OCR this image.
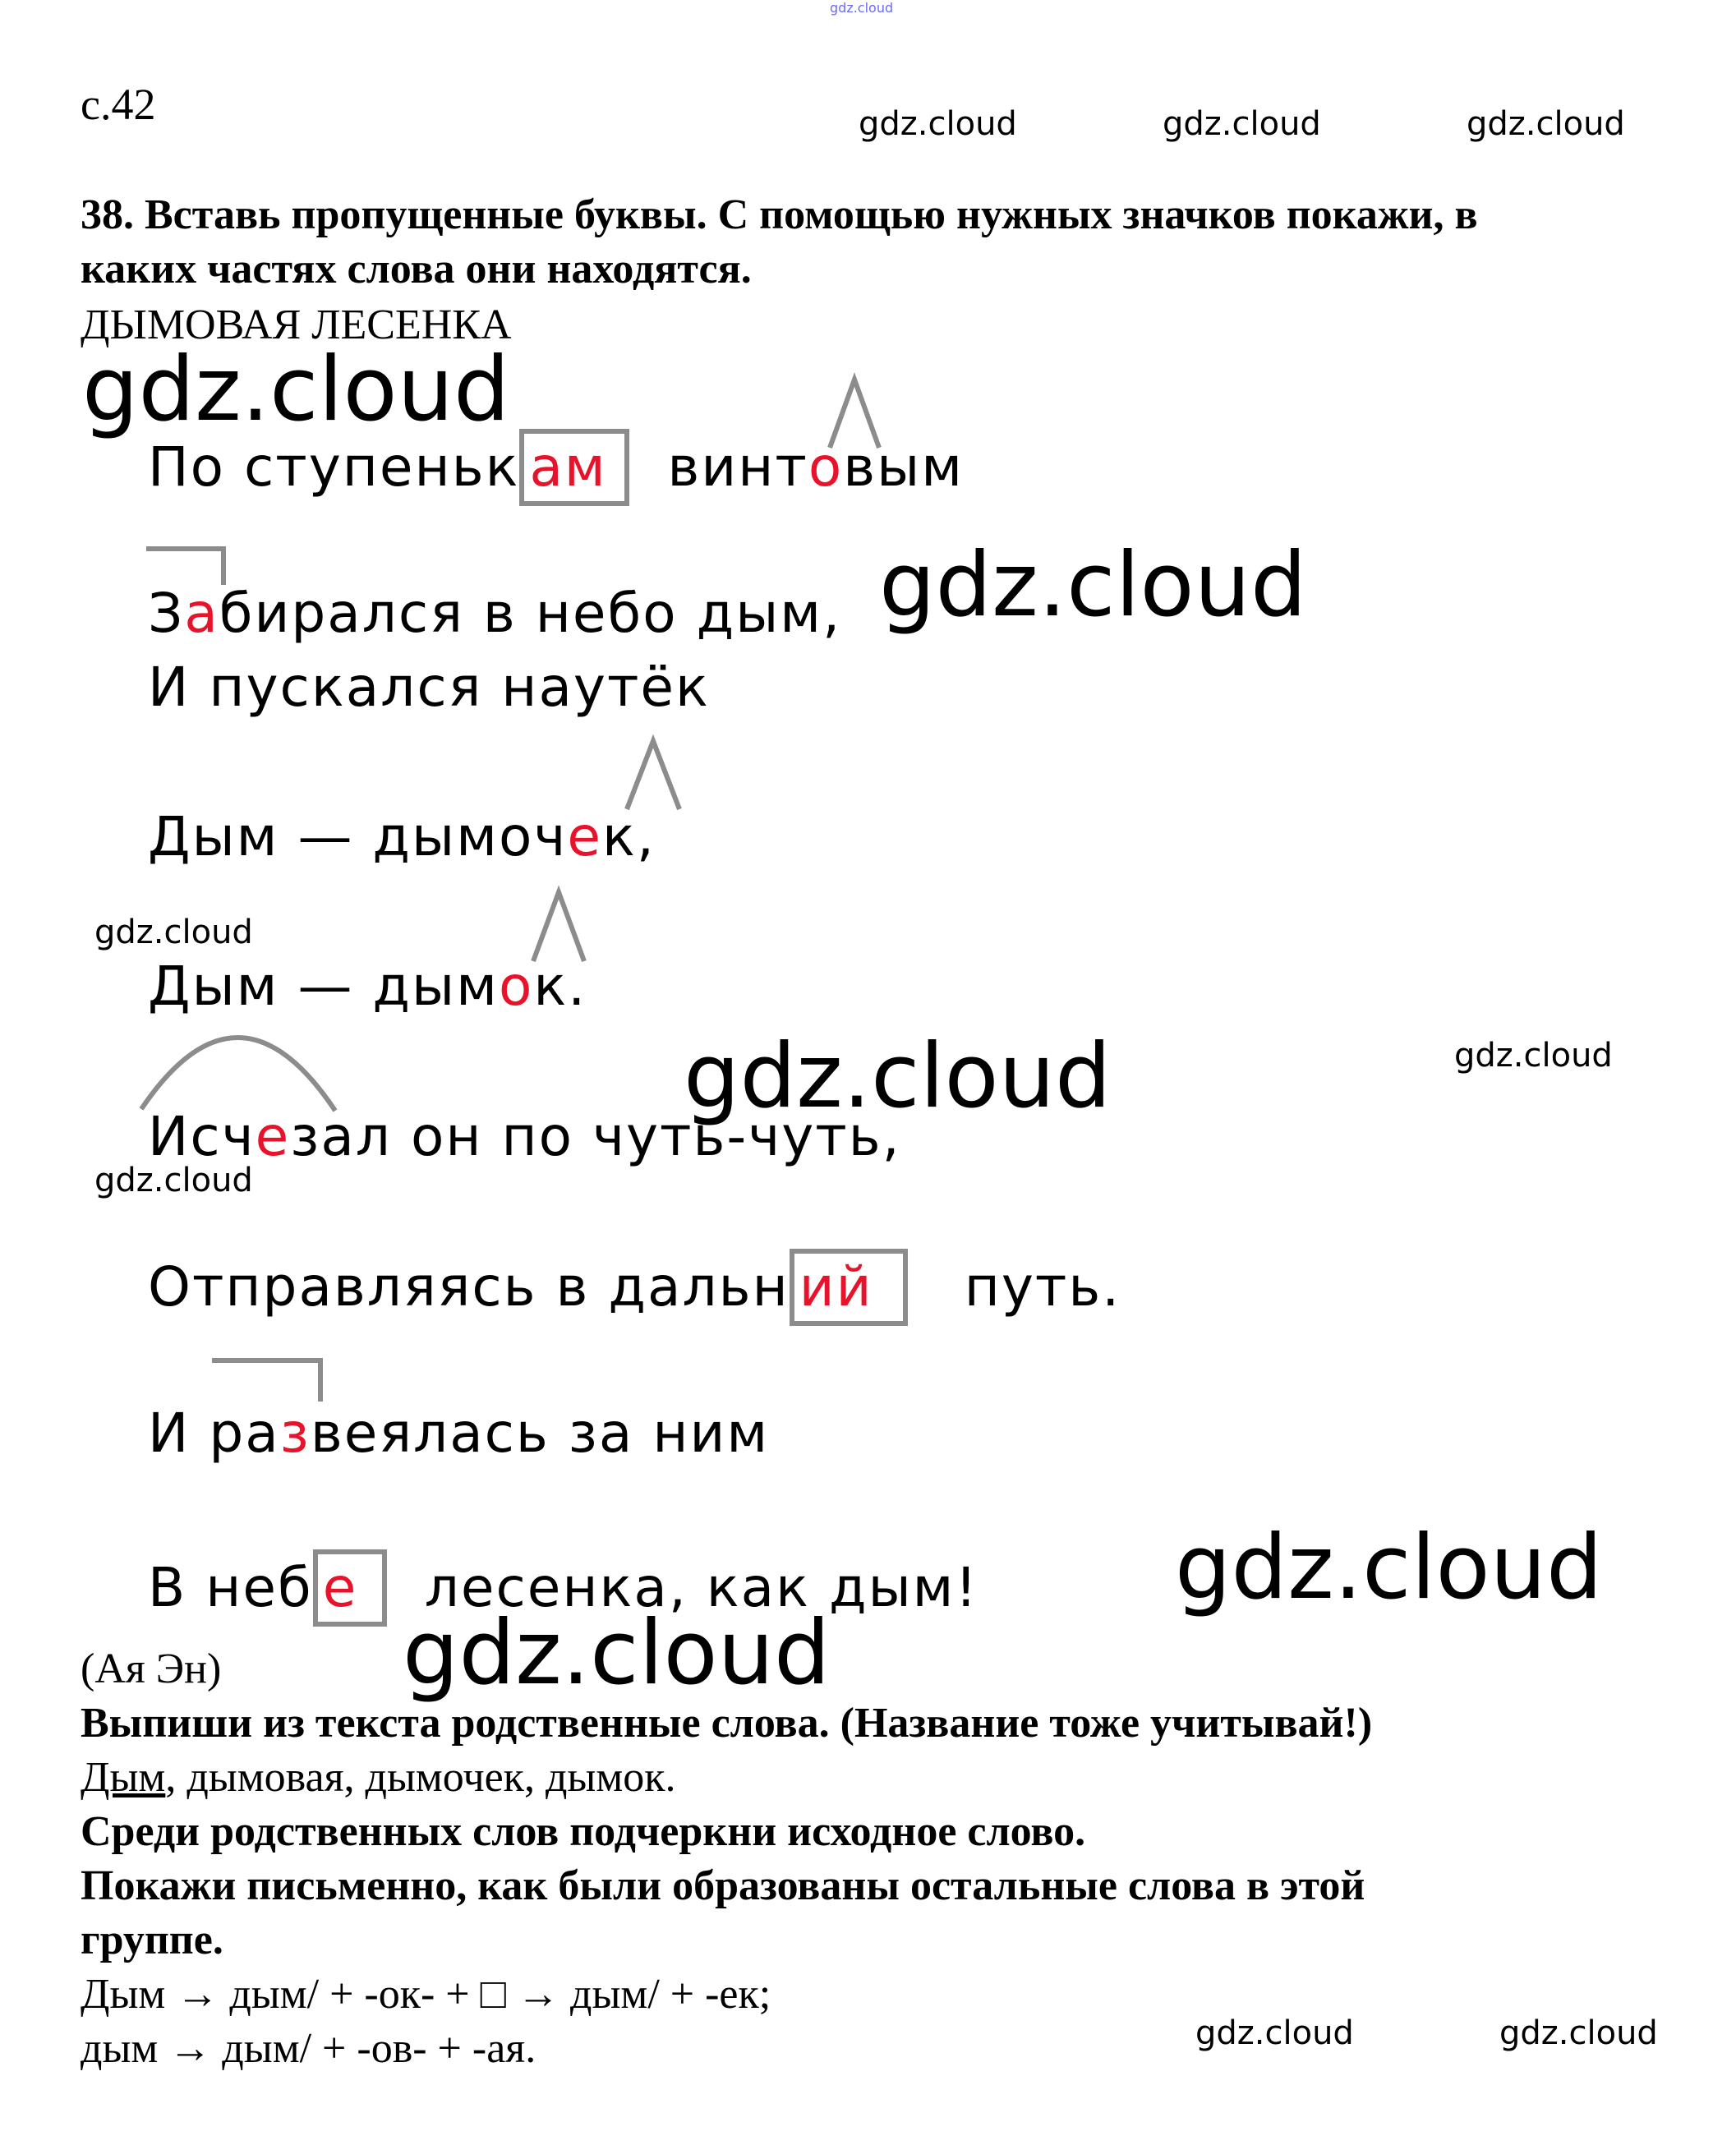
gdz.cloud
с.42	gdz.cloud	gdz.cloud	gdz.cloud
38. Вставь пропущенные буквы. С помощью нужных значков покажи, в
каких частях слова они находятся.
ДЫМОВАЯ ЛЕСЕНКА
gdz.cloud
По ступеньк ам винтовым
Забирался в небо дым, gdz.cloud
И пускался наутёк
Дым — дымочек,
gdz.cloud
Дым — дымок.
gdz.cloud	gdz.cloud
Исчезал он по чуть-чуть,
gdz.cloud
Отправляясь в дальн ий путь.
И развеялась за ним
В неб е лесенка, как дым! gdz.cloud
gdz.cloud
(Ая Эн)
Выпиши из текста родственные слова. (Название тоже учитывай!)
Дым, дымовая, дымочек, дымок.
Среди родственных слов подчеркни исходное слово.
Покажи письменно, как были образованы остальные слова в этой
группе.
Дым → дым/ + -ок- + □ → дым/ + -ек;
дым → дым/ + -ов- + -ая.	gdz.cloud	gdz.cloud
